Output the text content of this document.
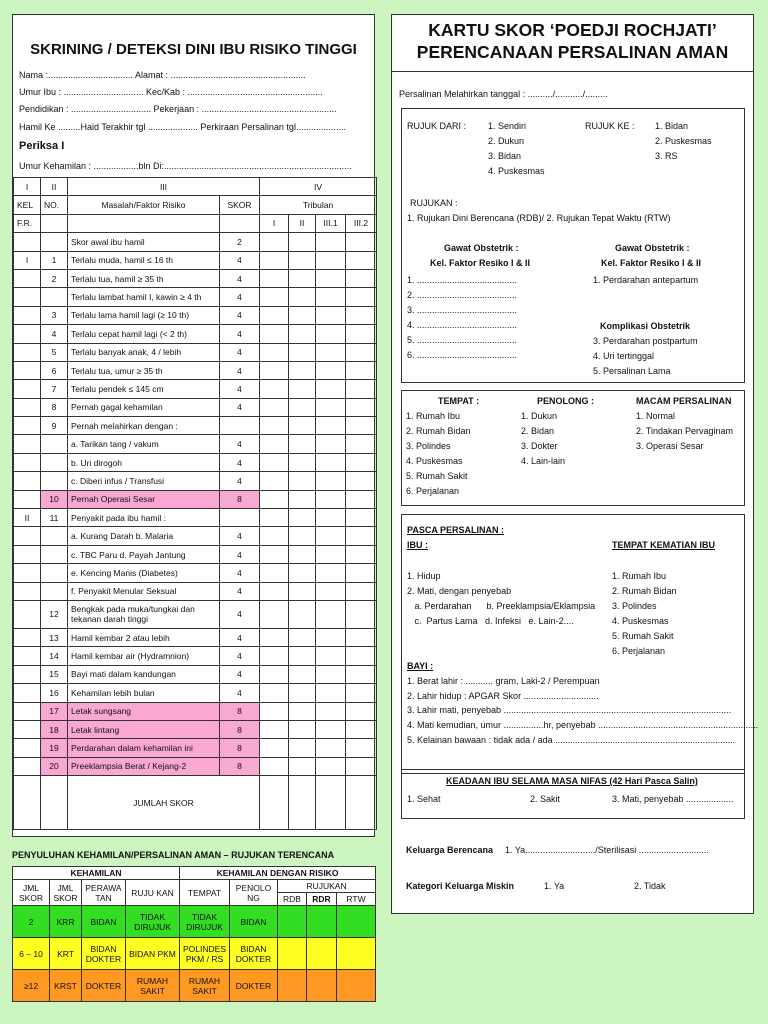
SKRINING / DETEKSI DINI IBU RISIKO TINGGI
Nama :.................................. Alamat : ......................................................
Umur Ibu : ................................ Kec/Kab : ......................................................
Pendidikan : ................................ Pekerjaan : ......................................................
Hamil Ke .........Haid Terakhir tgl .................... Perkiraan Persalinan tgl....................
Periksa I
Umur Kehamilan : ..................bln Di:...........................................................................
I	II	III		IV			
KEL	NO.	Masalah/Faktor Risiko	SKOR	Tribulan			
F.R.				I	II	III.1	III.2
		Skor awal ibu hamil	2				
I	1	Terlalu muda, hamil ≤ 16 th	4				
	2	Terlalu tua, hamil ≥ 35 th	4				
		Terlalu lambat hamil I, kawin ≥ 4 th	4				
	3	Terlalu lama hamil lagi (≥ 10 th)	4				
	4	Terlalu cepat hamil lagi (< 2 th)	4				
	5	Terlalu banyak anak, 4 / lebih	4				
	6	Terlalu tua, umur ≥ 35 th	4				
	7	Terlalu pendek ≤ 145 cm	4				
	8	Pernah gagal kehamilan	4				
	9	Pernah melahirkan dengan :					
		a. Tarikan tang / vakum	4				
		b. Uri dirogoh	4				
		c. Diberi infus / Transfusi	4				
	10	Pernah Operasi Sesar	8				
II	11	Penyakit pada ibu hamil :					
		a. Kurang Darah b. Malaria	4				
		c. TBC Paru d. Payah Jantung	4				
		e. Kencing Manis (Diabetes)	4				
		f. Penyakit Menular Seksual	4				
	12	Bengkak pada muka/tungkai dan tekanan darah tinggi	4				
	13	Hamil kembar 2 atau lebih	4				
	14	Hamil kembar air (Hydramnion)	4				
	15	Bayi mati dalam kandungan	4				
	16	Kehamilan lebih bulan	4				
	17	Letak sungsang	8				
	18	Letak lintang	8				
	19	Perdarahan dalam kehamilan ini	8				
	20	Preeklampsia Berat / Kejang-2	8				
		JUMLAH SKOR					
PENYULUHAN KEHAMILAN/PERSALINAN AMAN – RUJUKAN TERENCANA
KEHAMILAN				KEHAMILAN DENGAN RISIKO				
JML SKOR	JML SKOR	PERAWA TAN	RUJU KAN	TEMPAT	PENOLO NG	RUJUKAN		
						RDB	RDR	RTW
2	KRR	BIDAN	TIDAK DIRUJUK	TIDAK DIRUJUK	BIDAN			
6 – 10	KRT	BIDAN DOKTER	BIDAN PKM	POLINDES PKM / RS	BIDAN DOKTER			
≥12	KRST	DOKTER	RUMAH SAKIT	RUMAH SAKIT	DOKTER			
KARTU SKOR ‘POEDJI ROCHJATI’
PERENCANAAN PERSALINAN AMAN
Persalinan Melahirkan tanggal : ........../.........../.........
RUJUK DARI : 1. Sendiri
2. Dukun
3. Bidan
4. Puskesmas
RUJUK KE : 1. Bidan
2. Puskesmas
3. RS
RUJUKAN :
1. Rujukan Dini Berencana (RDB)/ 2. Rujukan Tepat Waktu (RTW)
Gawat Obstetrik :
Kel. Faktor Resiko I & II
Gawat Obstetrik :
Kel. Faktor Resiko I & II
1. ........................................
2. ........................................
3. ........................................
4. ........................................
5. ........................................
6. ........................................
1. Perdarahan antepartum
Komplikasi Obstetrik
3. Perdarahan postpartum
4. Uri tertinggal
5. Persalinan Lama
TEMPAT :	PENOLONG :	MACAM PERSALINAN
1. Rumah Ibu
2. Rumah Bidan
3. Polindes
4. Puskesmas
5. Rumah Sakit
6. Perjalanan
1. Dukun
2. Bidan
3. Dokter
4. Lain-lain
1. Normal
2. Tindakan Pervaginam
3. Operasi Sesar
PASCA PERSALINAN :
IBU :	TEMPAT KEMATIAN IBU
1. Hidup
2. Mati, dengan penyebab
a. Perdarahan      b. Preeklampsia/Eklampsia
c.  Partus Lama   d. Infeksi   e. Lain-2....
1. Rumah Ibu
2. Rumah Bidan
3. Polindes
4. Puskesmas
5. Rumah Sakit
6. Perjalanan
BAYI :
1. Berat lahir : ........... gram, Laki-2 / Perempuan
2. Lahir hidup : APGAR Skor ..............................
3. Lahir mati, penyebab ...........................................................................................
4. Mati kemudian, umur ................hr, penyebab ................................................................
5. Kelainan bawaan : tidak ada / ada ........................................................................
KEADAAN IBU SELAMA MASA NIFAS (42 Hari Pasca Salin)
1. Sehat	2. Sakit	3. Mati, penyebab ...................
Keluarga Berencana 1. Ya............................/Sterilisasi ............................
Kategori Keluarga Miskin	1. Ya	2. Tidak
